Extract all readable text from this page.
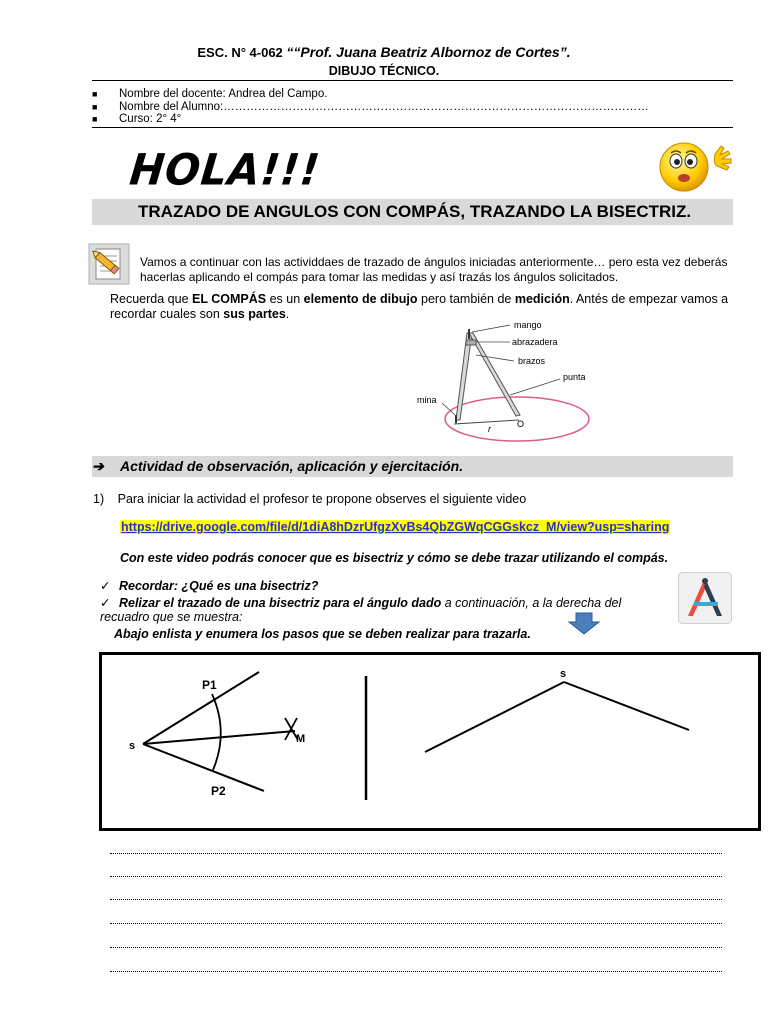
ESC. N° 4-062 ““Prof. Juana Beatriz Albornoz de Cortes”.
DIBUJO TÉCNICO.
■ Nombre del docente: Andrea del Campo.
■ Nombre del Alumno:…………………………………………………………………………………………………
■ Curso: 2° 4°
HOLA!!!
TRAZADO DE ANGULOS CON COMPÁS, TRAZANDO LA BISECTRIZ.
Vamos a continuar con las actividdaes de trazado de ángulos iniciadas anteriormente… pero esta vez deberás hacerlas aplicando el compás para tomar las medidas y así trazás los ángulos solicitados.
Recuerda que EL COMPÁS es un elemento de dibujo pero también de medición. Antés de empezar vamos a recordar cuales son sus partes.
mango
abrazadera
brazos
punta
mina
r	O
➔ Actividad de observación, aplicación y ejercitación.
1) Para iniciar la actividad el profesor te propone observes el siguiente video
https://drive.google.com/file/d/1diA8hDzrUfgzXvBs4QbZGWqCGGskcz_M/view?usp=sharing
Con este video podrás conocer que es bisectriz y cómo se debe trazar utilizando el compás.
✓ Recordar: ¿Qué es una bisectriz?
✓ Relizar el trazado de una bisectriz para el ángulo dado a continuación, a la derecha del recuadro que se muestra:
Abajo enlista y enumera los pasos que se deben realizar para trazarla.
s
P1
P2
M
s
